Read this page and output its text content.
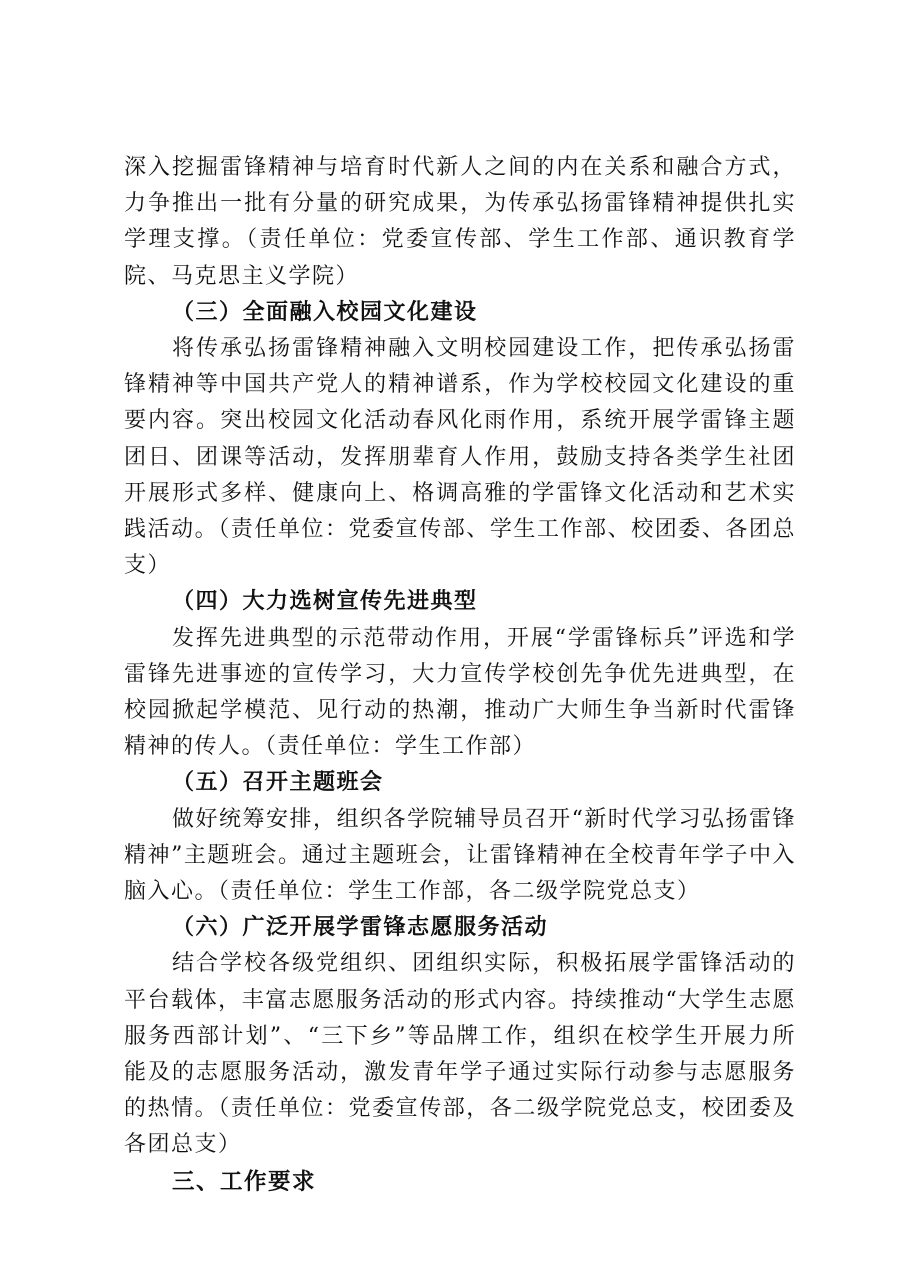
深入挖掘雷锋精神与培育时代新人之间的内在关系和融合方式，力争推出一批有分量的研究成果，为传承弘扬雷锋精神提供扎实学理支撑。（责任单位：党委宣传部、学生工作部、通识教育学院、马克思主义学院）

（三）全面融入校园文化建设

将传承弘扬雷锋精神融入文明校园建设工作，把传承弘扬雷锋精神等中国共产党人的精神谱系，作为学校校园文化建设的重要内容。突出校园文化活动春风化雨作用，系统开展学雷锋主题团日、团课等活动，发挥朋辈育人作用，鼓励支持各类学生社团开展形式多样、健康向上、格调高雅的学雷锋文化活动和艺术实践活动。（责任单位：党委宣传部、学生工作部、校团委、各团总支）

（四）大力选树宣传先进典型

发挥先进典型的示范带动作用，开展“学雷锋标兵”评选和学雷锋先进事迹的宣传学习，大力宣传学校创先争优先进典型，在校园掀起学模范、见行动的热潮，推动广大师生争当新时代雷锋精神的传人。（责任单位：学生工作部）

（五）召开主题班会

做好统筹安排，组织各学院辅导员召开“新时代学习弘扬雷锋精神”主题班会。通过主题班会，让雷锋精神在全校青年学子中入脑入心。（责任单位：学生工作部，各二级学院党总支）

（六）广泛开展学雷锋志愿服务活动

结合学校各级党组织、团组织实际，积极拓展学雷锋活动的平台载体，丰富志愿服务活动的形式内容。持续推动“大学生志愿服务西部计划”、“三下乡”等品牌工作，组织在校学生开展力所能及的志愿服务活动，激发青年学子通过实际行动参与志愿服务的热情。（责任单位：党委宣传部，各二级学院党总支，校团委及各团总支）

三、工作要求
